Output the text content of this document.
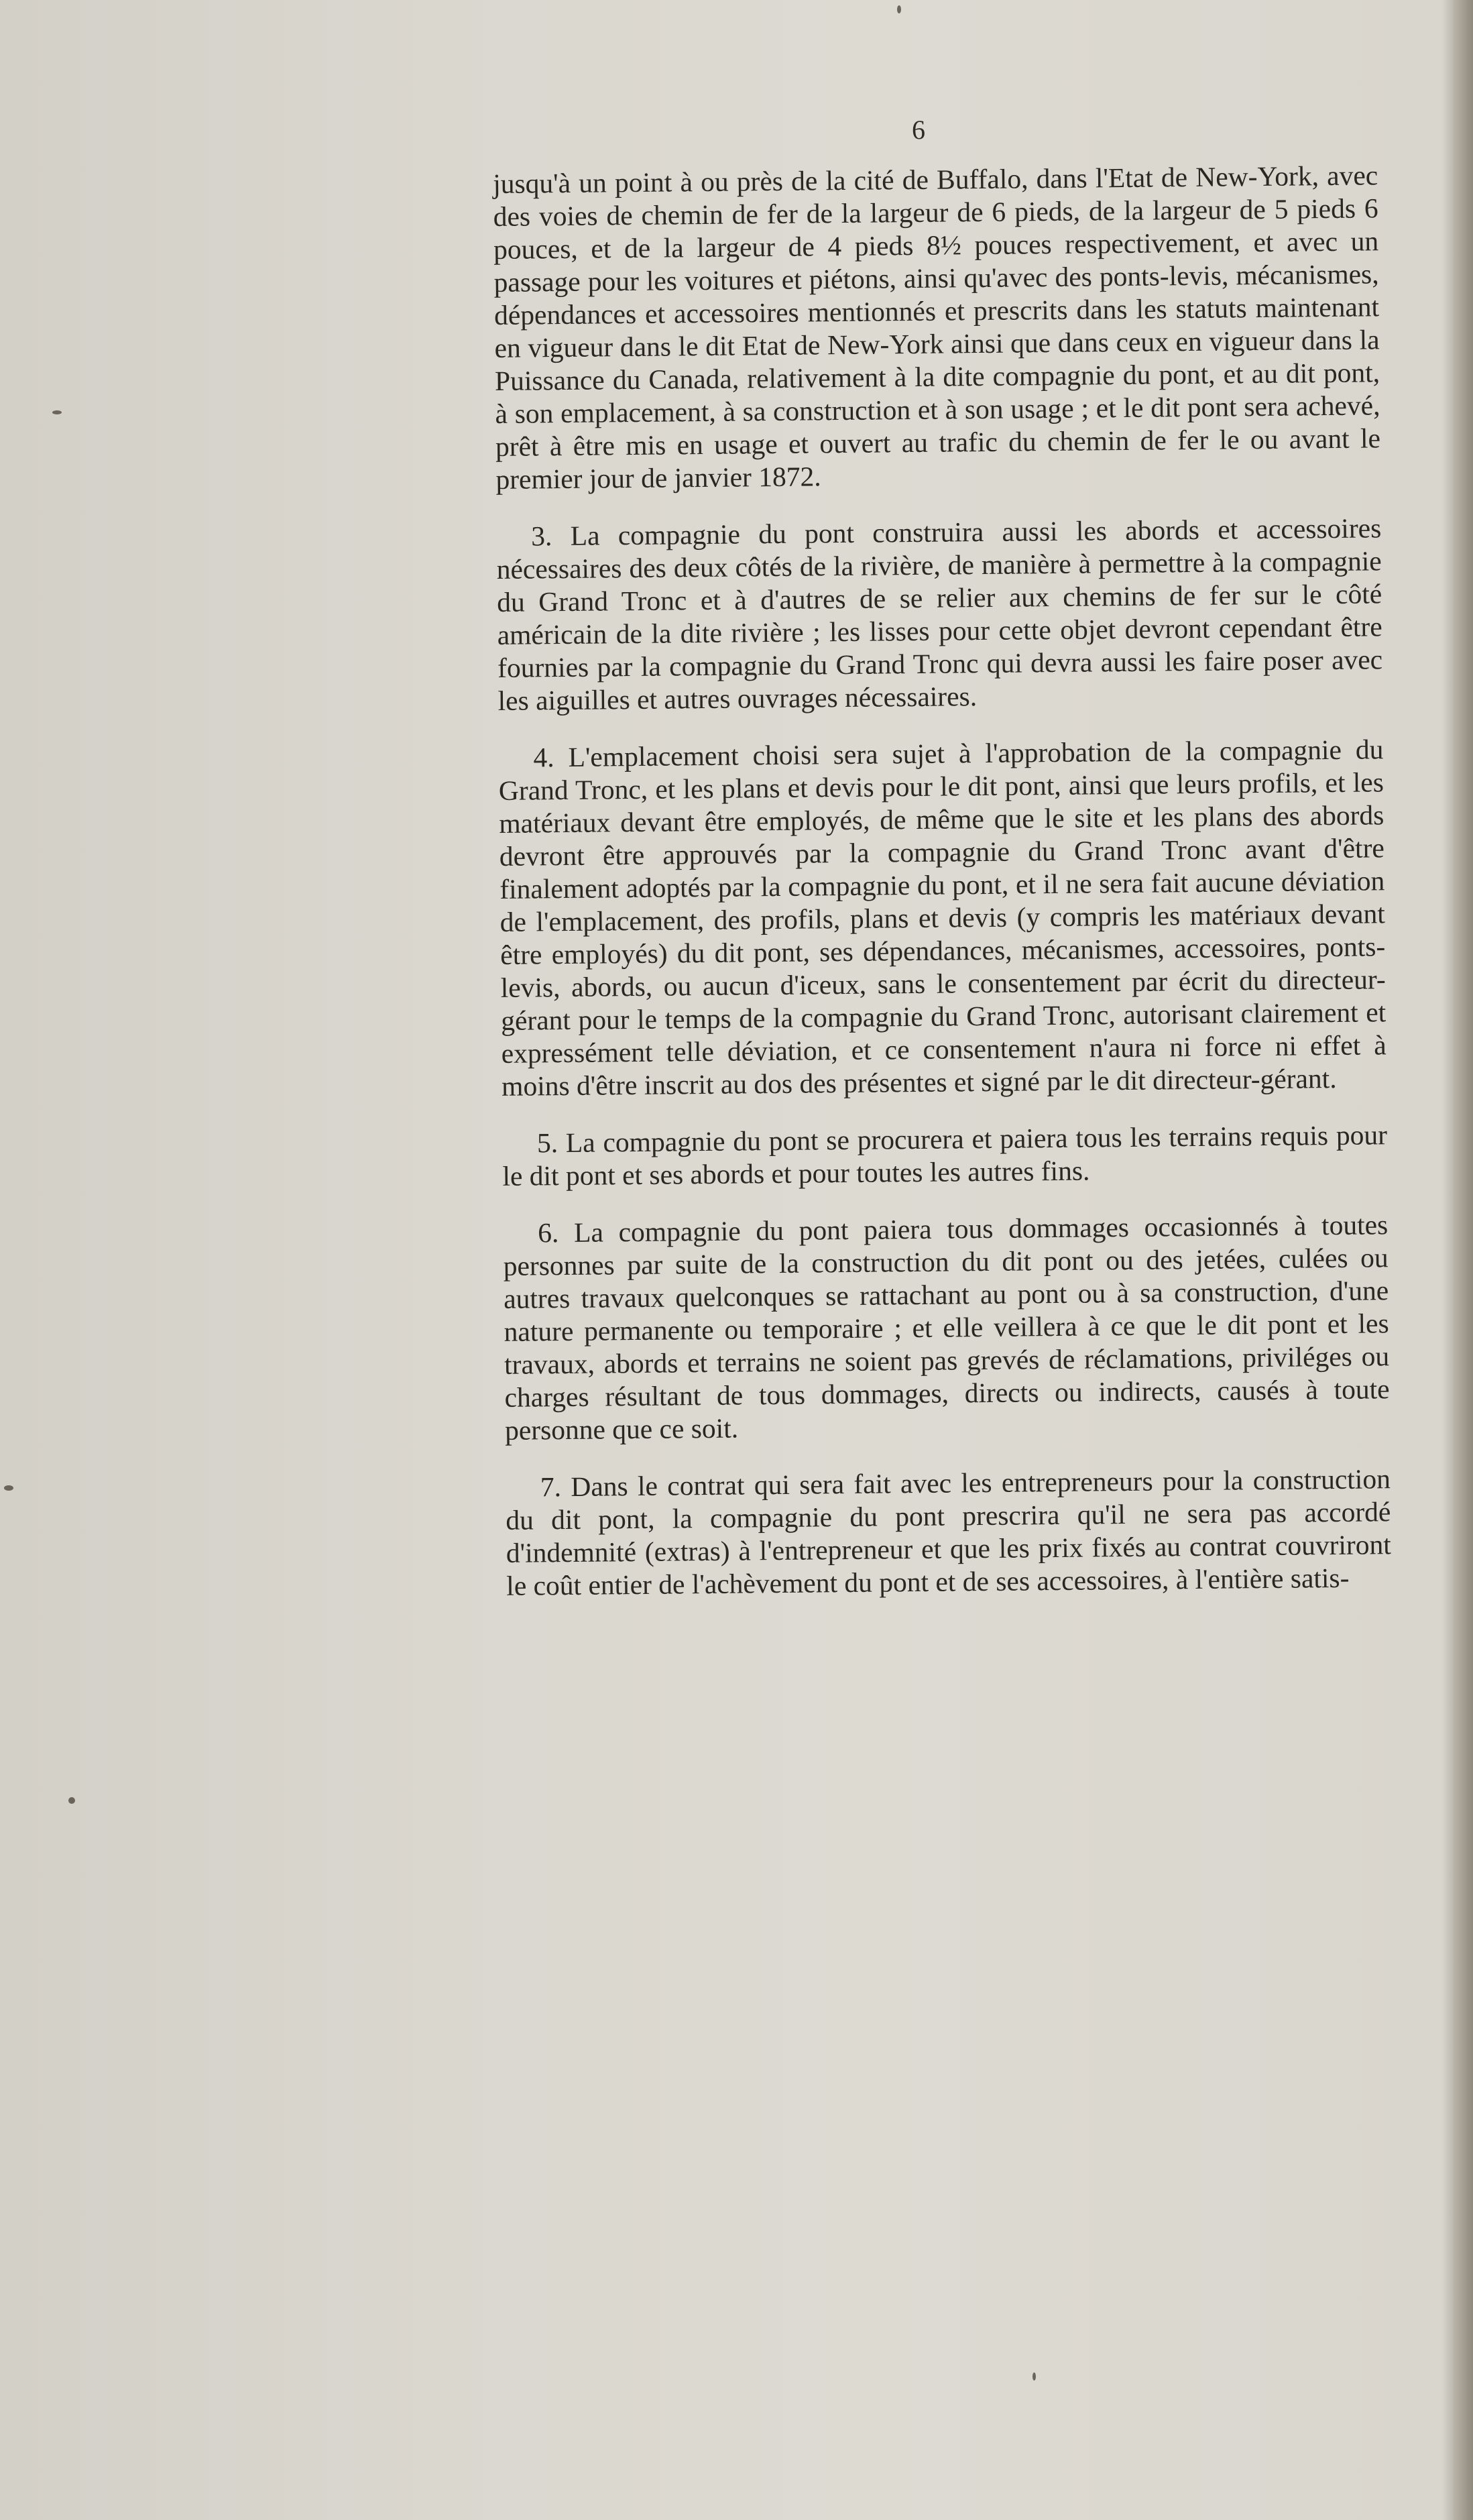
6

jusqu'à un point à ou près de la cité de Buffalo, dans l'Etat de New-York, avec des voies de chemin de fer de la largeur de 6 pieds, de la largeur de 5 pieds 6 pouces, et de la largeur de 4 pieds 8½ pouces respectivement, et avec un passage pour les voitures et piétons, ainsi qu'avec des ponts-levis, mécanismes, dépendances et accessoires mentionnés et prescrits dans les statuts maintenant en vigueur dans le dit Etat de New-York ainsi que dans ceux en vigueur dans la Puissance du Canada, relativement à la dite compagnie du pont, et au dit pont, à son emplacement, à sa construction et à son usage ; et le dit pont sera achevé, prêt à être mis en usage et ouvert au trafic du chemin de fer le ou avant le premier jour de janvier 1872.

3. La compagnie du pont construira aussi les abords et accessoires nécessaires des deux côtés de la rivière, de manière à permettre à la compagnie du Grand Tronc et à d'autres de se relier aux chemins de fer sur le côté américain de la dite rivière ; les lisses pour cette objet devront cependant être fournies par la compagnie du Grand Tronc qui devra aussi les faire poser avec les aiguilles et autres ouvrages nécessaires.

4. L'emplacement choisi sera sujet à l'approbation de la compagnie du Grand Tronc, et les plans et devis pour le dit pont, ainsi que leurs profils, et les matériaux devant être employés, de même que le site et les plans des abords devront être approuvés par la compagnie du Grand Tronc avant d'être finalement adoptés par la compagnie du pont, et il ne sera fait aucune déviation de l'emplacement, des profils, plans et devis (y compris les matériaux devant être employés) du dit pont, ses dépendances, mécanismes, accessoires, ponts-levis, abords, ou aucun d'iceux, sans le consentement par écrit du directeur-gérant pour le temps de la compagnie du Grand Tronc, autorisant clairement et expressément telle déviation, et ce consentement n'aura ni force ni effet à moins d'être inscrit au dos des présentes et signé par le dit directeur-gérant.

5. La compagnie du pont se procurera et paiera tous les terrains requis pour le dit pont et ses abords et pour toutes les autres fins.

6. La compagnie du pont paiera tous dommages occasionnés à toutes personnes par suite de la construction du dit pont ou des jetées, culées ou autres travaux quelconques se rattachant au pont ou à sa construction, d'une nature permanente ou temporaire ; et elle veillera à ce que le dit pont et les travaux, abords et terrains ne soient pas grevés de réclamations, priviléges ou charges résultant de tous dommages, directs ou indirects, causés à toute personne que ce soit.

7. Dans le contrat qui sera fait avec les entrepreneurs pour la construction du dit pont, la compagnie du pont prescrira qu'il ne sera pas accordé d'indemnité (extras) à l'entrepreneur et que les prix fixés au contrat couvriront le coût entier de l'achèvement du pont et de ses accessoires, à l'entière satis-
